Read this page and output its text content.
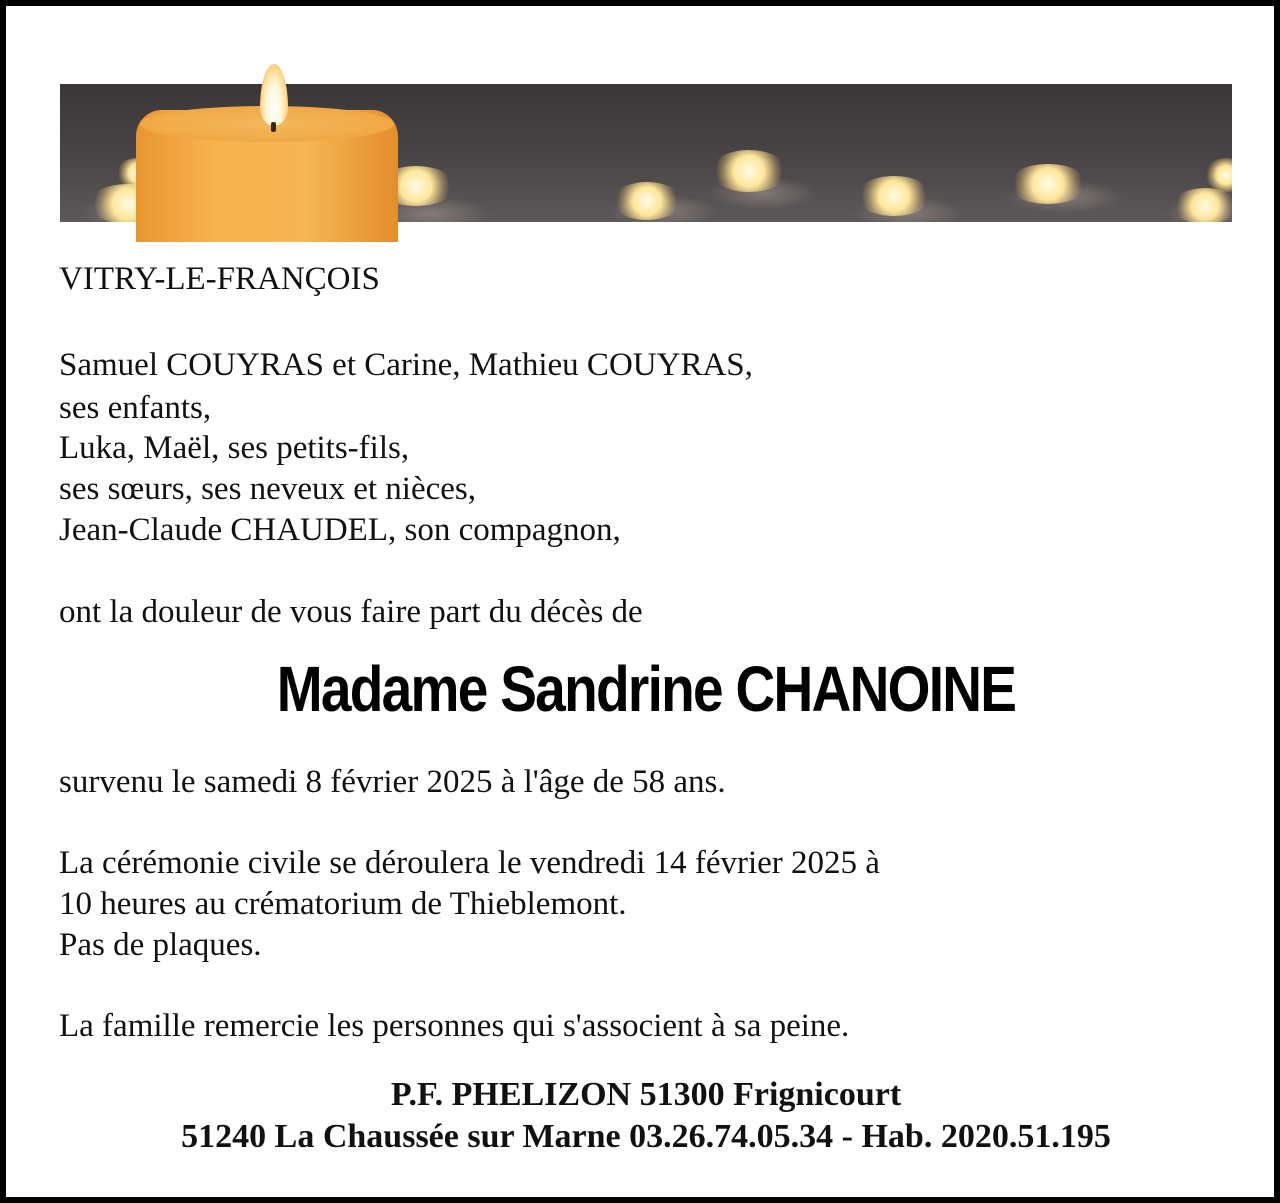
VITRY-LE-FRANÇOIS

Samuel COUYRAS et Carine, Mathieu COUYRAS,

ses enfants,

Luka, Maël, ses petits-fils,

ses sœurs, ses neveux et nièces,

Jean-Claude CHAUDEL, son compagnon,

ont la douleur de vous faire part du décès de

Madame Sandrine CHANOINE

survenu le samedi 8 février 2025 à l'âge de 58 ans.

La cérémonie civile se déroulera le vendredi 14 février 2025 à

10 heures au crématorium de Thieblemont.

Pas de plaques.

La famille remercie les personnes qui s'associent à sa peine.

P.F. PHELIZON 51300 Frignicourt

51240 La Chaussée sur Marne 03.26.74.05.34 - Hab. 2020.51.195
